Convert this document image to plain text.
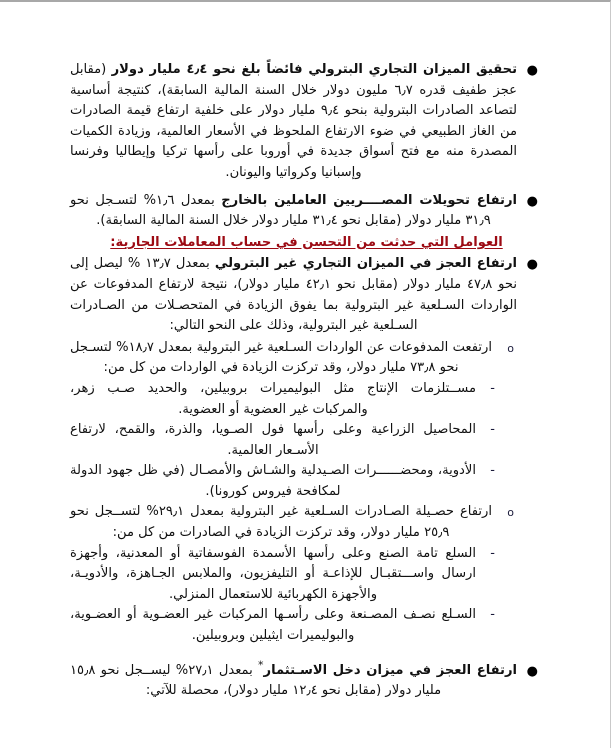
●
تحقيق الميزان التجاري البترولي فائضاً بلغ نحو ٤٫٤ مليار دولار (مقابل عجز طفيف قدره ٦٫٧ مليون دولار خلال السنة المالية السابقة)، كنتيجة أساسية لتصاعد الصادرات البترولية بنحو ٩٫٤ مليار دولار على خلفية ارتفاع قيمة الصادرات من الغاز الطبيعي في ضوء الارتفاع الملحوظ في الأسعار العالمية، وزيادة الكميات المصدرة منه مع فتح أسواق جديدة في أوروبا على رأسها تركيا وإيطاليا وفرنسا وإسبانيا وكرواتيا واليونان.
●
ارتفاع تحويلات المصــــريين العاملين بالخارج بمعدل ١٫٦% لتسـجل نحو ٣١٫٩ مليار دولار (مقابل نحو ٣١٫٤ مليار دولار خلال السنة المالية السابقة).
العوامل التي حدثت من التحسن في حساب المعاملات الجارية:
●
ارتفاع العجز في الميزان التجاري غير البترولي بمعدل ١٣٫٧ % ليصل إلى نحو ٤٧٫٨ مليار دولار (مقابل نحو ٤٢٫١ مليار دولار)، نتيجة لارتفاع المدفوعات عن الواردات السـلعية غير البترولية بما يفوق الزيادة في المتحصـلات من الصـادرات السـلعية غير البترولية، وذلك على النحو التالي:
o
ارتفعت المدفوعات عن الواردات السـلعية غير البترولية بمعدل ١٨٫٧% لتسـجل نحو ٧٣٫٨ مليار دولار، وقد تركزت الزيادة في الواردات من كل من:
-
مســتلزمات الإنتاج مثل البوليميرات بروبيلين، والحديد صـب زهر، والمركبات غير العضوية أو العضوية.
-
المحاصيل الزراعية وعلى رأسها فول الصـويا، والذرة، والقمح، لارتفاع الأسـعار العالمية.
-
الأدوية، ومحضــــــرات الصـيدلية والشـاش والأمصـال (في ظل جهود الدولة لمكافحة فيروس كورونا).
o
ارتفاع حصـيلة الصـادرات السـلعية غير البترولية بمعدل ٢٩٫١% لتســجل نحو ٢٥٫٩ مليار دولار، وقد تركزت الزيادة في الصادرات من كل من:
-
السلع تامة الصنع وعلى رأسها الأسمدة الفوسفاتية أو المعدنية، وأجهزة ارسال واســـتقبـال للإذاعـة أو التليفزيون، والملابس الجـاهزة، والأدويـة، والأجهزة الكهربائية للاستعمال المنزلي.
-
السـلع نصـف المصـنعة وعلى رأسـها المركبات غير العضـوية أو العضـوية، والبوليميرات ايثيلين وبروبيلين.
●
ارتفاع العجز في ميزان دخل الاسـتثمار* بمعدل ٢٧٫١% ليســجل نحو ١٥٫٨ مليار دولار (مقابل نحو ١٢٫٤ مليار دولار)، محصلة للآتي:
